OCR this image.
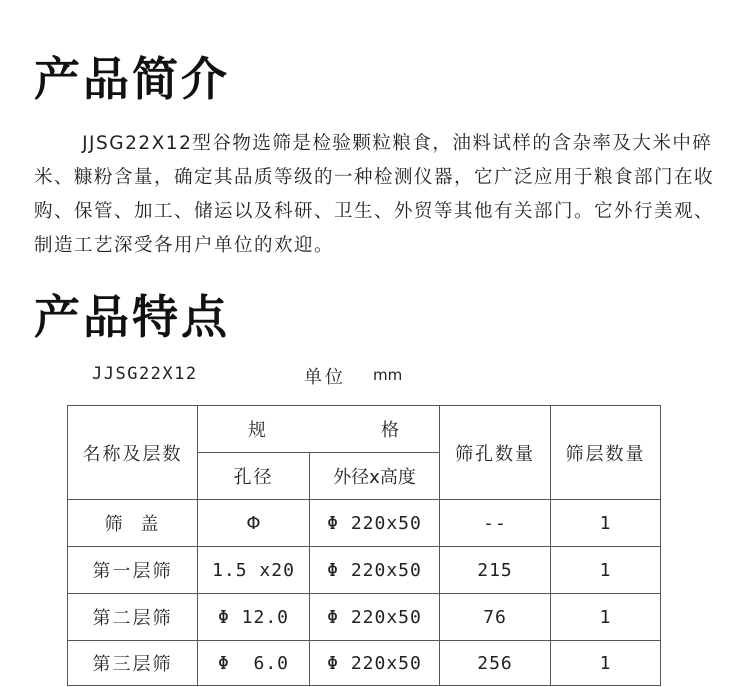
产品简介

JJSG22X12型谷物选筛是检验颗粒粮食，油料试样的含杂率及大米中碎米、糠粉含量，确定其品质等级的一种检测仪器，它广泛应用于粮食部门在收购、保管、加工、储运以及科研、卫生、外贸等其他有关部门。它外行美观、制造工艺深受各用户单位的欢迎。

产品特点
JJSG22X12	单位 mm
名称及层数	规 格		筛孔数量	筛层数量
	孔径	外径x高度		
筛盖	Φ	Φ 220x50	--	1
第一层筛	1.5 x20	Φ 220x50	215	1
第二层筛	Φ 12.0	Φ 220x50	76	1
第三层筛	Φ  6.0	Φ 220x50	256	1
